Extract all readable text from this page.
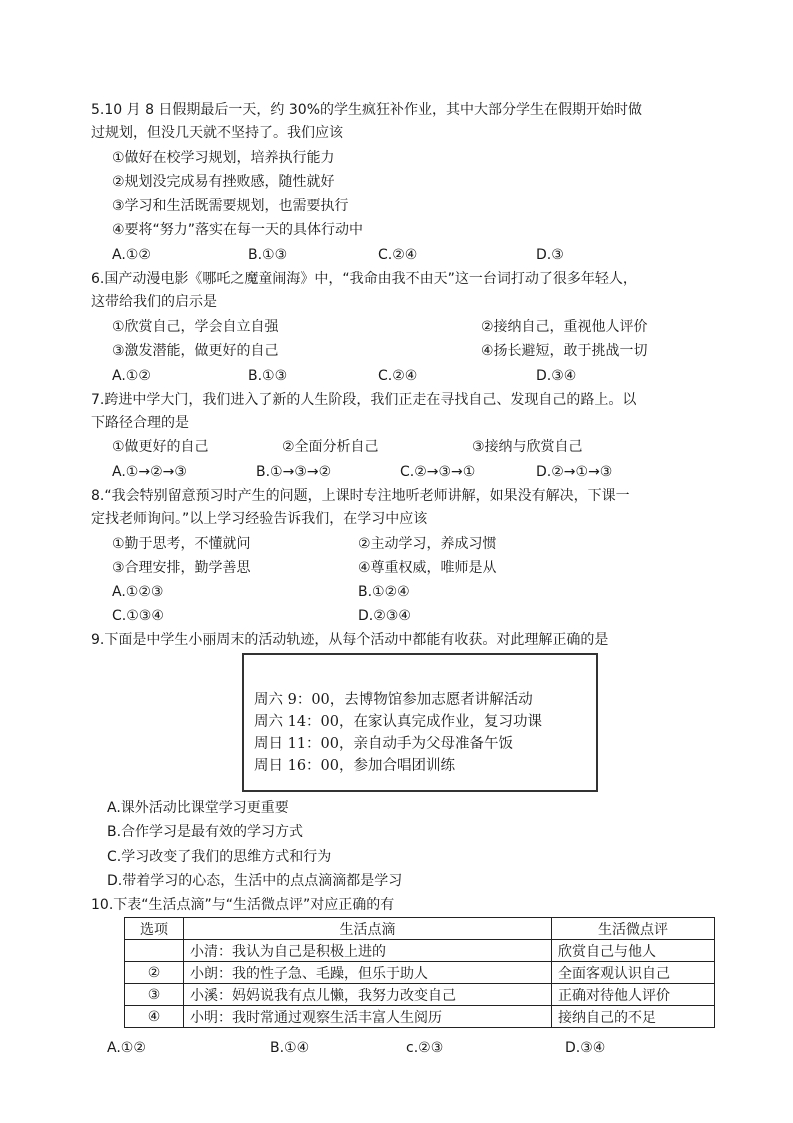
5.10 月 8 日假期最后一天，约 30%的学生疯狂补作业，其中大部分学生在假期开始时做
过规划，但没几天就不坚持了。我们应该
①做好在校学习规划，培养执行能力
②规划没完成易有挫败感，随性就好
③学习和生活既需要规划，也需要执行
④要将“努力”落实在每一天的具体行动中
A.①②	B.①③	C.②④	D.③
6.国产动漫电影《哪吒之魔童闹海》中，“我命由我不由天”这一台词打动了很多年轻人，
这带给我们的启示是
①欣赏自己，学会自立自强	②接纳自己，重视他人评价
③激发潜能，做更好的自己	④扬长避短，敢于挑战一切
A.①②	B.①③	C.②④	D.③④
7.跨进中学大门，我们进入了新的人生阶段，我们正走在寻找自己、发现自己的路上。以
下路径合理的是
①做更好的自己	②全面分析自己	③接纳与欣赏自己
A.①→②→③	B.①→③→②	C.②→③→①	D.②→①→③
8.“我会特别留意预习时产生的问题，上课时专注地听老师讲解，如果没有解决，下课一
定找老师询问。”以上学习经验告诉我们，在学习中应该
①勤于思考，不懂就问	②主动学习，养成习惯
③合理安排，勤学善思	④尊重权威，唯师是从
A.①②③	B.①②④
C.①③④	D.②③④
9.下面是中学生小丽周末的活动轨迹，从每个活动中都能有收获。对此理解正确的是
周六 9：00，去博物馆参加志愿者讲解活动
周六 14：00，在家认真完成作业，复习功课
周日 11：00，亲自动手为父母准备午饭
周日 16：00，参加合唱团训练
A.课外活动比课堂学习更重要
B.合作学习是最有效的学习方式
C.学习改变了我们的思维方式和行为
D.带着学习的心态，生活中的点点滴滴都是学习
10.下表“生活点滴”与“生活微点评”对应正确的有
选项	生活点滴	生活微点评
	小清：我认为自己是积极上进的	欣赏自己与他人
②	小朗：我的性子急、毛躁，但乐于助人	全面客观认识自己
③	小溪：妈妈说我有点儿懒，我努力改变自己	正确对待他人评价
④	小明：我时常通过观察生活丰富人生阅历	接纳自己的不足
A.①②	B.①④	c.②③	D.③④
